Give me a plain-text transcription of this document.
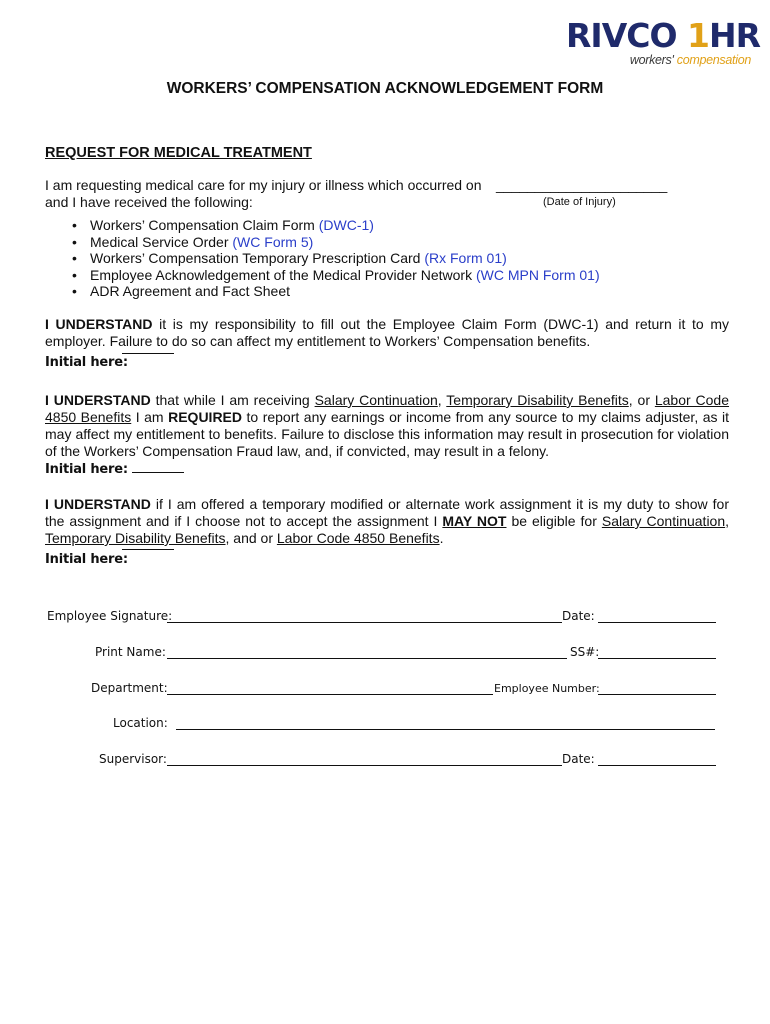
RIVCO 1HR
workers' compensation
WORKERS’ COMPENSATION ACKNOWLEDGEMENT FORM
REQUEST FOR MEDICAL TREATMENT
I am requesting medical care for my injury or illness which occurred on ______________________
and I have received the following:	(Date of Injury)
• Workers’ Compensation Claim Form (DWC-1)
• Medical Service Order (WC Form 5)
• Workers’ Compensation Temporary Prescription Card (Rx Form 01)
• Employee Acknowledgement of the Medical Provider Network (WC MPN Form 01)
• ADR Agreement and Fact Sheet
I UNDERSTAND it is my responsibility to fill out the Employee Claim Form (DWC-1) and return it to my employer. Failure to do so can affect my entitlement to Workers’ Compensation benefits.
Initial here:
I UNDERSTAND that while I am receiving Salary Continuation, Temporary Disability Benefits, or Labor Code 4850 Benefits I am REQUIRED to report any earnings or income from any source to my claims adjuster, as it may affect my entitlement to benefits. Failure to disclose this information may result in prosecution for violation of the Workers’ Compensation Fraud law, and, if convicted, may result in a felony.
Initial here:
I UNDERSTAND if I am offered a temporary modified or alternate work assignment it is my duty to show for the assignment and if I choose not to accept the assignment I MAY NOT be eligible for Salary Continuation, Temporary Disability Benefits, and or Labor Code 4850 Benefits.
Initial here:
Employee Signature:	Date:
Print Name:	SS#:
Department:	Employee Number:
Location:
Supervisor:	Date:
